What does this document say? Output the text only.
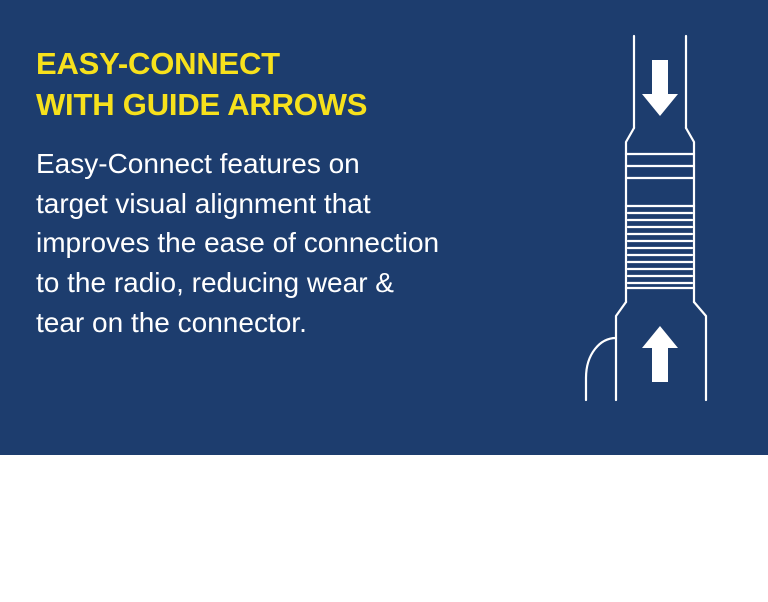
EASY-CONNECT
WITH GUIDE ARROWS

Easy-Connect features on
target visual alignment that
improves the ease of connection
to the radio, reducing wear &
tear on the connector.
